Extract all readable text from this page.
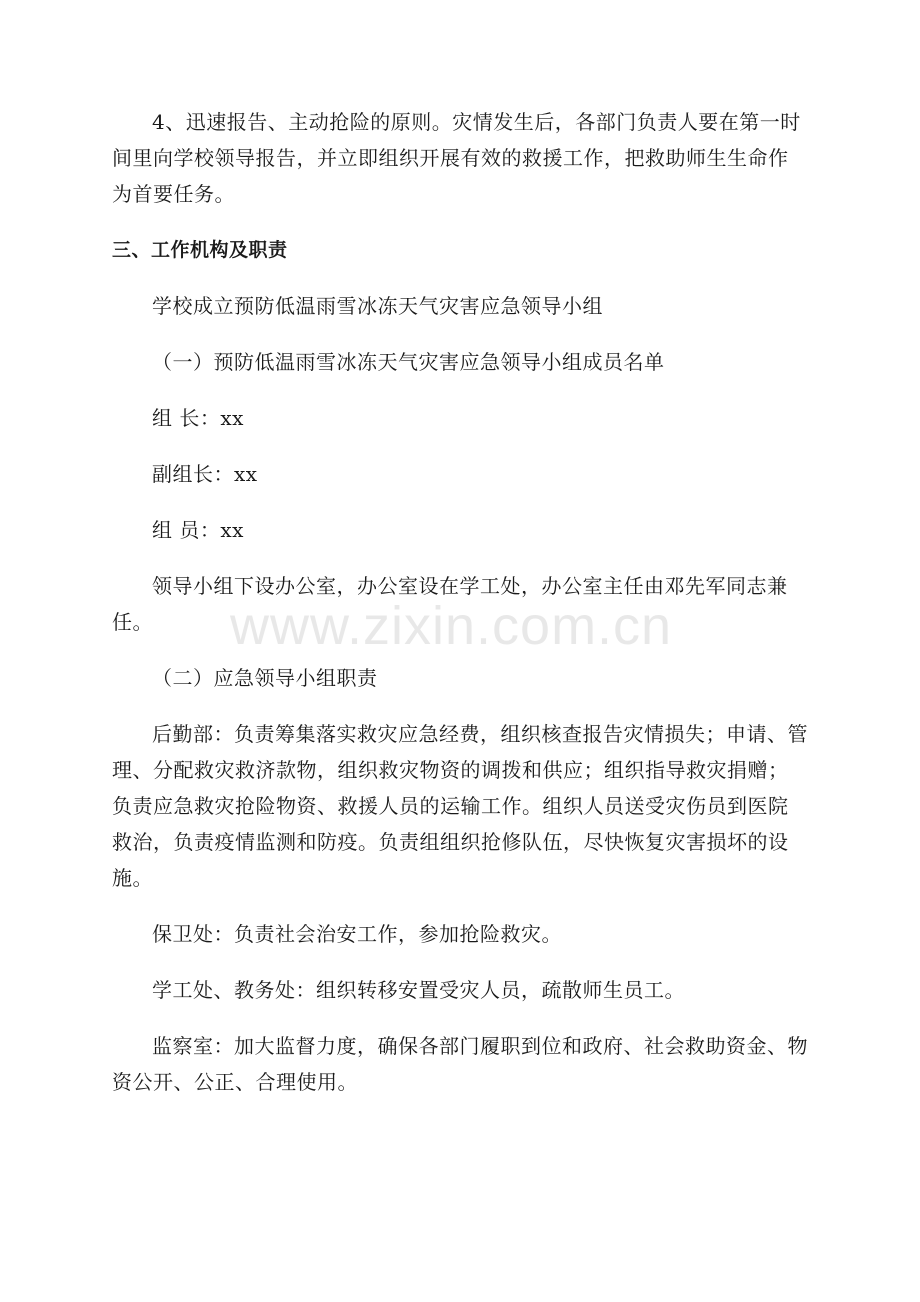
4、迅速报告、主动抢险的原则。灾情发生后，各部门负责人要在第一时间里向学校领导报告，并立即组织开展有效的救援工作，把救助师生生命作为首要任务。

三、工作机构及职责

学校成立预防低温雨雪冰冻天气灾害应急领导小组

（一）预防低温雨雪冰冻天气灾害应急领导小组成员名单

组 长：xx

副组长：xx

组 员：xx

领导小组下设办公室，办公室设在学工处，办公室主任由邓先军同志兼任。

（二）应急领导小组职责

后勤部：负责筹集落实救灾应急经费，组织核查报告灾情损失；申请、管理、分配救灾救济款物，组织救灾物资的调拨和供应；组织指导救灾捐赠；负责应急救灾抢险物资、救援人员的运输工作。组织人员送受灾伤员到医院救治，负责疫情监测和防疫。负责组组织抢修队伍，尽快恢复灾害损坏的设施。

保卫处：负责社会治安工作，参加抢险救灾。

学工处、教务处：组织转移安置受灾人员，疏散师生员工。

监察室：加大监督力度，确保各部门履职到位和政府、社会救助资金、物资公开、公正、合理使用。

www.zixin.com.cn
